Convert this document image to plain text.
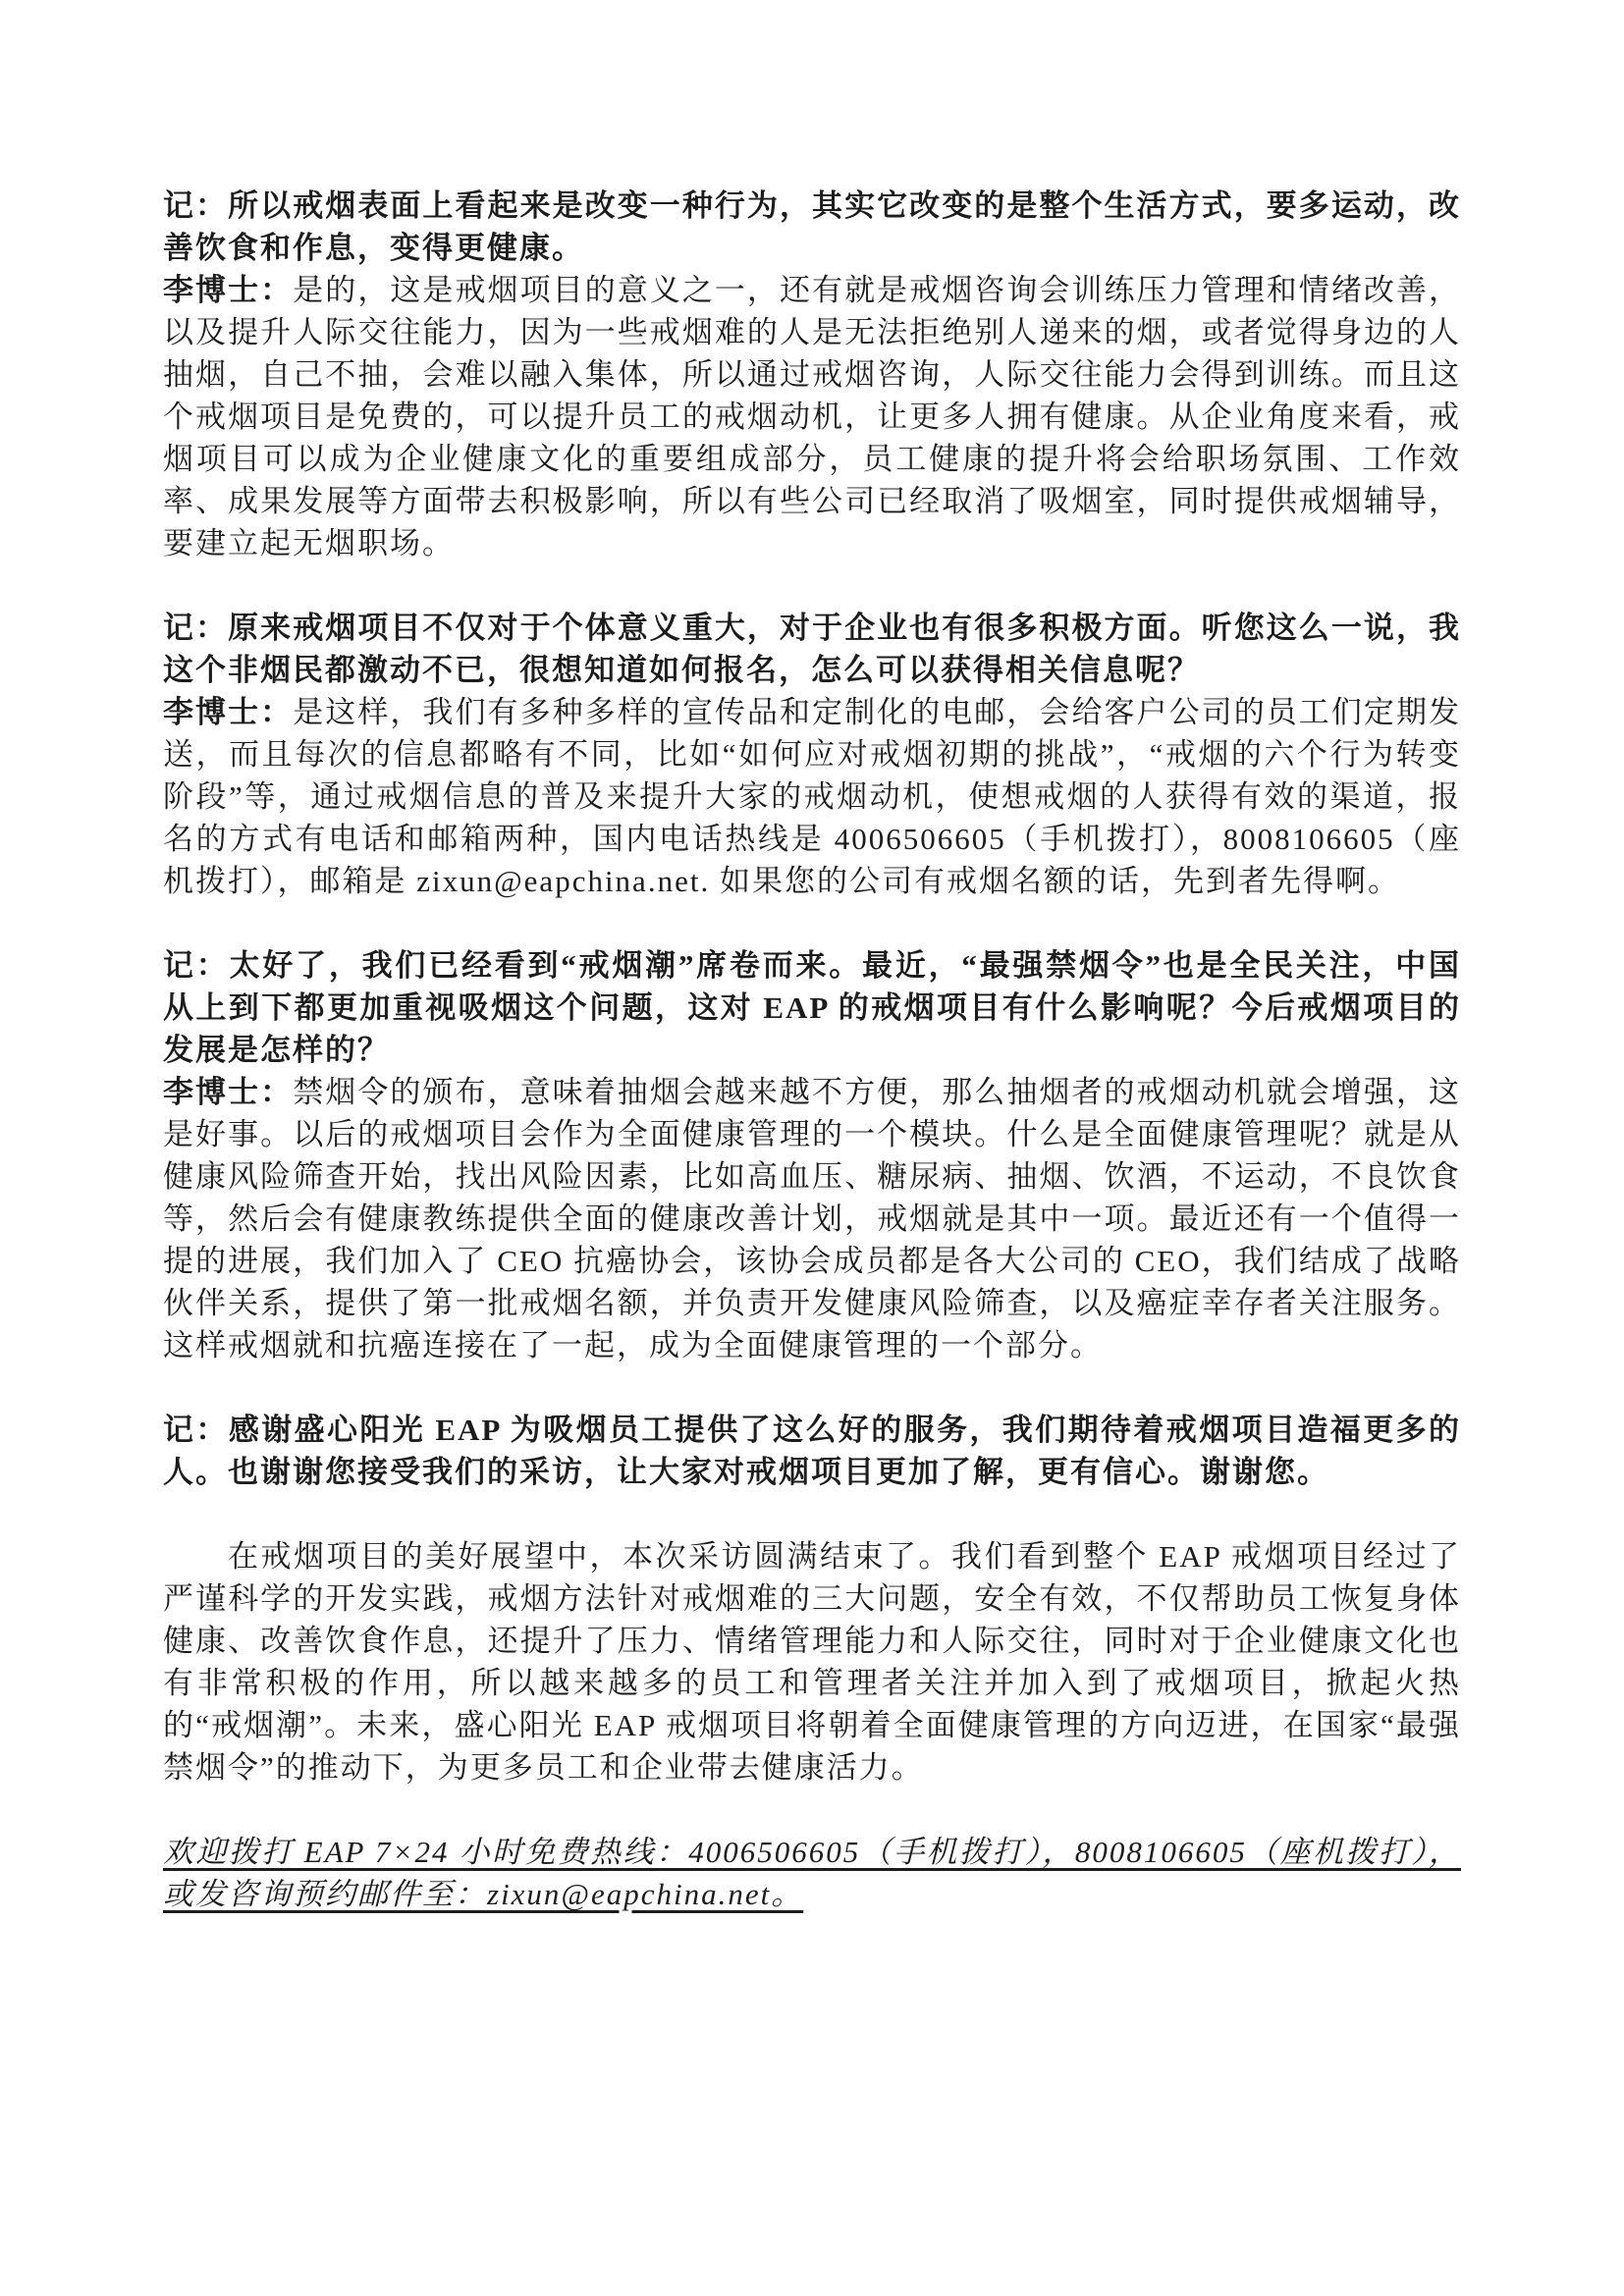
记：所以戒烟表面上看起来是改变一种行为，其实它改变的是整个生活方式，要多运动，改善饮食和作息，变得更健康。

李博士：是的，这是戒烟项目的意义之一，还有就是戒烟咨询会训练压力管理和情绪改善，以及提升人际交往能力，因为一些戒烟难的人是无法拒绝别人递来的烟，或者觉得身边的人抽烟，自己不抽，会难以融入集体，所以通过戒烟咨询，人际交往能力会得到训练。而且这个戒烟项目是免费的，可以提升员工的戒烟动机，让更多人拥有健康。从企业角度来看，戒烟项目可以成为企业健康文化的重要组成部分，员工健康的提升将会给职场氛围、工作效率、成果发展等方面带去积极影响，所以有些公司已经取消了吸烟室，同时提供戒烟辅导，要建立起无烟职场。

记：原来戒烟项目不仅对于个体意义重大，对于企业也有很多积极方面。听您这么一说，我这个非烟民都激动不已，很想知道如何报名，怎么可以获得相关信息呢？

李博士：是这样，我们有多种多样的宣传品和定制化的电邮，会给客户公司的员工们定期发送，而且每次的信息都略有不同，比如“如何应对戒烟初期的挑战”，“戒烟的六个行为转变阶段”等，通过戒烟信息的普及来提升大家的戒烟动机，使想戒烟的人获得有效的渠道，报名的方式有电话和邮箱两种，国内电话热线是 4006506605（手机拨打），8008106605（座机拨打），邮箱是 zixun@eapchina.net. 如果您的公司有戒烟名额的话，先到者先得啊。

记：太好了，我们已经看到“戒烟潮”席卷而来。最近，“最强禁烟令”也是全民关注，中国从上到下都更加重视吸烟这个问题，这对 EAP 的戒烟项目有什么影响呢？今后戒烟项目的发展是怎样的？

李博士：禁烟令的颁布，意味着抽烟会越来越不方便，那么抽烟者的戒烟动机就会增强，这是好事。以后的戒烟项目会作为全面健康管理的一个模块。什么是全面健康管理呢？就是从健康风险筛查开始，找出风险因素，比如高血压、糖尿病、抽烟、饮酒，不运动，不良饮食等，然后会有健康教练提供全面的健康改善计划，戒烟就是其中一项。最近还有一个值得一提的进展，我们加入了 CEO 抗癌协会，该协会成员都是各大公司的 CEO，我们结成了战略伙伴关系，提供了第一批戒烟名额，并负责开发健康风险筛查，以及癌症幸存者关注服务。这样戒烟就和抗癌连接在了一起，成为全面健康管理的一个部分。

记：感谢盛心阳光 EAP 为吸烟员工提供了这么好的服务，我们期待着戒烟项目造福更多的人。也谢谢您接受我们的采访，让大家对戒烟项目更加了解，更有信心。谢谢您。

在戒烟项目的美好展望中，本次采访圆满结束了。我们看到整个 EAP 戒烟项目经过了严谨科学的开发实践，戒烟方法针对戒烟难的三大问题，安全有效，不仅帮助员工恢复身体健康、改善饮食作息，还提升了压力、情绪管理能力和人际交往，同时对于企业健康文化也有非常积极的作用，所以越来越多的员工和管理者关注并加入到了戒烟项目，掀起火热的“戒烟潮”。未来，盛心阳光 EAP 戒烟项目将朝着全面健康管理的方向迈进，在国家“最强禁烟令”的推动下，为更多员工和企业带去健康活力。

欢迎拨打 EAP 7×24 小时免费热线：4006506605（手机拨打），8008106605（座机拨打），或发咨询预约邮件至：zixun@eapchina.net。
